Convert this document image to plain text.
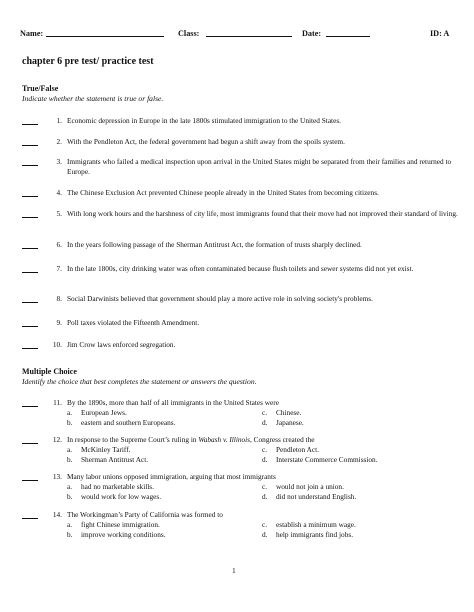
Name:	Class:	Date:	ID: A
chapter 6 pre test/ practice test
True/False
Indicate whether the statement is true or false.
1. Economic depression in Europe in the late 1800s stimulated immigration to the United States.
2. With the Pendleton Act, the federal government had begun a shift away from the spoils system.
3. Immigrants who failed a medical inspection upon arrival in the United States might be separated from their families and returned to Europe.
4. The Chinese Exclusion Act prevented Chinese people already in the United States from becoming citizens.
5. With long work hours and the harshness of city life, most immigrants found that their move had not improved their standard of living.
6. In the years following passage of the Sherman Antitrust Act, the formation of trusts sharply declined.
7. In the late 1800s, city drinking water was often contaminated because flush toilets and sewer systems did not yet exist.
8. Social Darwinists believed that government should play a more active role in solving society's problems.
9. Poll taxes violated the Fifteenth Amendment.
10. Jim Crow laws enforced segregation.
Multiple Choice
Identify the choice that best completes the statement or answers the question.
11. By the 1890s, more than half of all immigrants in the United States were
a. European Jews.	c. Chinese.
b. eastern and southern Europeans.	d. Japanese.
12. In response to the Supreme Court’s ruling in Wabash v. Illinois, Congress created the
a. McKinley Tariff.	c. Pendleton Act.
b. Sherman Antitrust Act.	d. Interstate Commerce Commission.
13. Many labor unions opposed immigration, arguing that most immigrants
a. had no marketable skills.	c. would not join a union.
b. would work for low wages.	d. did not understand English.
14. The Workingman’s Party of California was formed to
a. fight Chinese immigration.	c. establish a minimum wage.
b. improve working conditions.	d. help immigrants find jobs.
1
